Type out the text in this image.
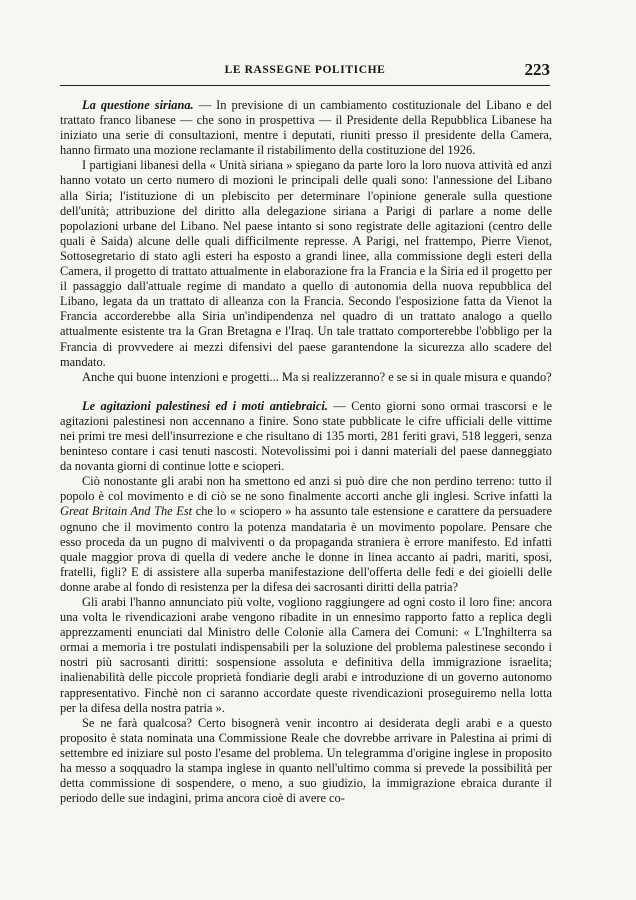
LE RASSEGNE POLITICHE	223

La questione siriana. — In previsione di un cambiamento costituzionale del Libano e del trattato franco libanese — che sono in prospettiva — il Presidente della Repubblica Libanese ha iniziato una serie di consultazioni, mentre i deputati, riuniti presso il presidente della Camera, hanno firmato una mozione reclamante il ristabilimento della costituzione del 1926.

I partigiani libanesi della « Unità siriana » spiegano da parte loro la loro nuova attività ed anzi hanno votato un certo numero di mozioni le principali delle quali sono: l'annessione del Libano alla Siria; l'istituzione di un plebiscito per determinare l'opinione generale sulla questione dell'unità; attribuzione del diritto alla delegazione siriana a Parigi di parlare a nome delle popolazioni urbane del Libano. Nel paese intanto si sono registrate delle agitazioni (centro delle quali è Saida) alcune delle quali difficilmente represse. A Parigi, nel frattempo, Pierre Vienot, Sottosegretario di stato agli esteri ha esposto a grandi linee, alla commissione degli esteri della Camera, il progetto di trattato attualmente in elaborazione fra la Francia e la Siria ed il progetto per il passaggio dall'attuale regime di mandato a quello di autonomia della nuova repubblica del Libano, legata da un trattato di alleanza con la Francia. Secondo l'esposizione fatta da Vienot la Francia accorderebbe alla Siria un'indipendenza nel quadro di un trattato analogo a quello attualmente esistente tra la Gran Bretagna e l'Iraq. Un tale trattato comporterebbe l'obbligo per la Francia di provvedere ai mezzi difensivi del paese garantendone la sicurezza allo scadere del mandato.

Anche qui buone intenzioni e progetti... Ma si realizzeranno? e se si in quale misura e quando?

Le agitazioni palestinesi ed i moti antiebraici. — Cento giorni sono ormai trascorsi e le agitazioni palestinesi non accennano a finire. Sono state pubblicate le cifre ufficiali delle vittime nei primi tre mesi dell'insurrezione e che risultano di 135 morti, 281 feriti gravi, 518 leggeri, senza beninteso contare i casi tenuti nascosti. Notevolissimi poi i danni materiali del paese danneggiato da novanta giorni di continue lotte e scioperi.

Ciò nonostante gli arabi non ha smettono ed anzi si può dire che non perdino terreno: tutto il popolo è col movimento e di ciò se ne sono finalmente accorti anche gli inglesi. Scrive infatti la Great Britain And The Est che lo « sciopero » ha assunto tale estensione e carattere da persuadere ognuno che il movimento contro la potenza mandataria è un movimento popolare. Pensare che esso proceda da un pugno di malviventi o da propaganda straniera è errore manifesto. Ed infatti quale maggior prova di quella di vedere anche le donne in linea accanto ai padri, mariti, sposi, fratelli, figli? E di assistere alla superba manifestazione dell'offerta delle fedi e dei gioielli delle donne arabe al fondo di resistenza per la difesa dei sacrosanti diritti della patria?

Gli arabi l'hanno annunciato più volte, vogliono raggiungere ad ogni costo il loro fine: ancora una volta le rivendicazioni arabe vengono ribadite in un ennesimo rapporto fatto a replica degli apprezzamenti enunciati dal Ministro delle Colonie alla Camera dei Comuni: « L'Inghilterra sa ormai a memoria i tre postulati indispensabili per la soluzione del problema palestinese secondo i nostri più sacrosanti diritti: sospensione assoluta e definitiva della immigrazione israelita; inalienabilità delle piccole proprietà fondiarie degli arabi e introduzione di un governo autonomo rappresentativo. Finchè non ci saranno accordate queste rivendicazioni proseguiremo nella lotta per la difesa della nostra patria ».

Se ne farà qualcosa? Certo bisognerà venir incontro ai desiderata degli arabi e a questo proposito è stata nominata una Commissione Reale che dovrebbe arrivare in Palestina ai primi di settembre ed iniziare sul posto l'esame del problema. Un telegramma d'origine inglese in proposito ha messo a soqquadro la stampa inglese in quanto nell'ultimo comma si prevede la possibilità per detta commissione di sospendere, o meno, a suo giudizio, la immigrazione ebraica durante il periodo delle sue indagini, prima ancora cioè di avere co-
